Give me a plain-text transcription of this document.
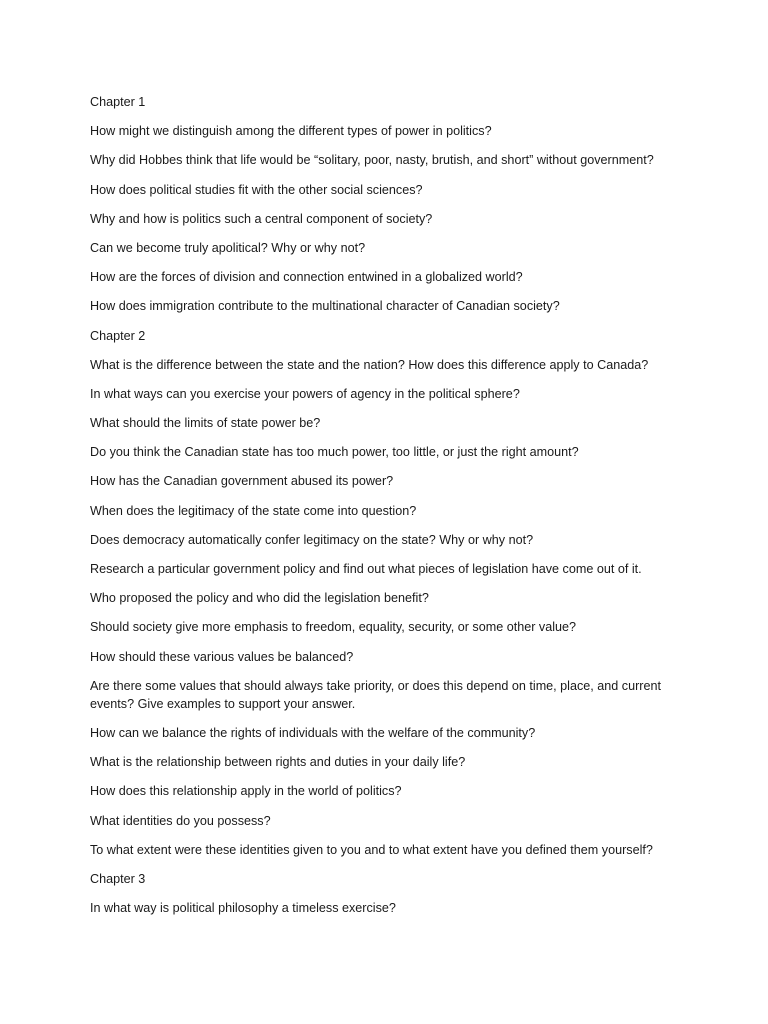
Chapter 1

How might we distinguish among the different types of power in politics?

Why did Hobbes think that life would be “solitary, poor, nasty, brutish, and short” without government?

How does political studies fit with the other social sciences?

Why and how is politics such a central component of society?

Can we become truly apolitical? Why or why not?

How are the forces of division and connection entwined in a globalized world?

How does immigration contribute to the multinational character of Canadian society?

Chapter 2

What is the difference between the state and the nation? How does this difference apply to Canada?

In what ways can you exercise your powers of agency in the political sphere?

What should the limits of state power be?

Do you think the Canadian state has too much power, too little, or just the right amount?

How has the Canadian government abused its power?

When does the legitimacy of the state come into question?

Does democracy automatically confer legitimacy on the state? Why or why not?

Research a particular government policy and find out what pieces of legislation have come out of it.

Who proposed the policy and who did the legislation benefit?

Should society give more emphasis to freedom, equality, security, or some other value?

How should these various values be balanced?

Are there some values that should always take priority, or does this depend on time, place, and current events? Give examples to support your answer.

How can we balance the rights of individuals with the welfare of the community?

What is the relationship between rights and duties in your daily life?

How does this relationship apply in the world of politics?

What identities do you possess?

To what extent were these identities given to you and to what extent have you defined them yourself?

Chapter 3

In what way is political philosophy a timeless exercise?
